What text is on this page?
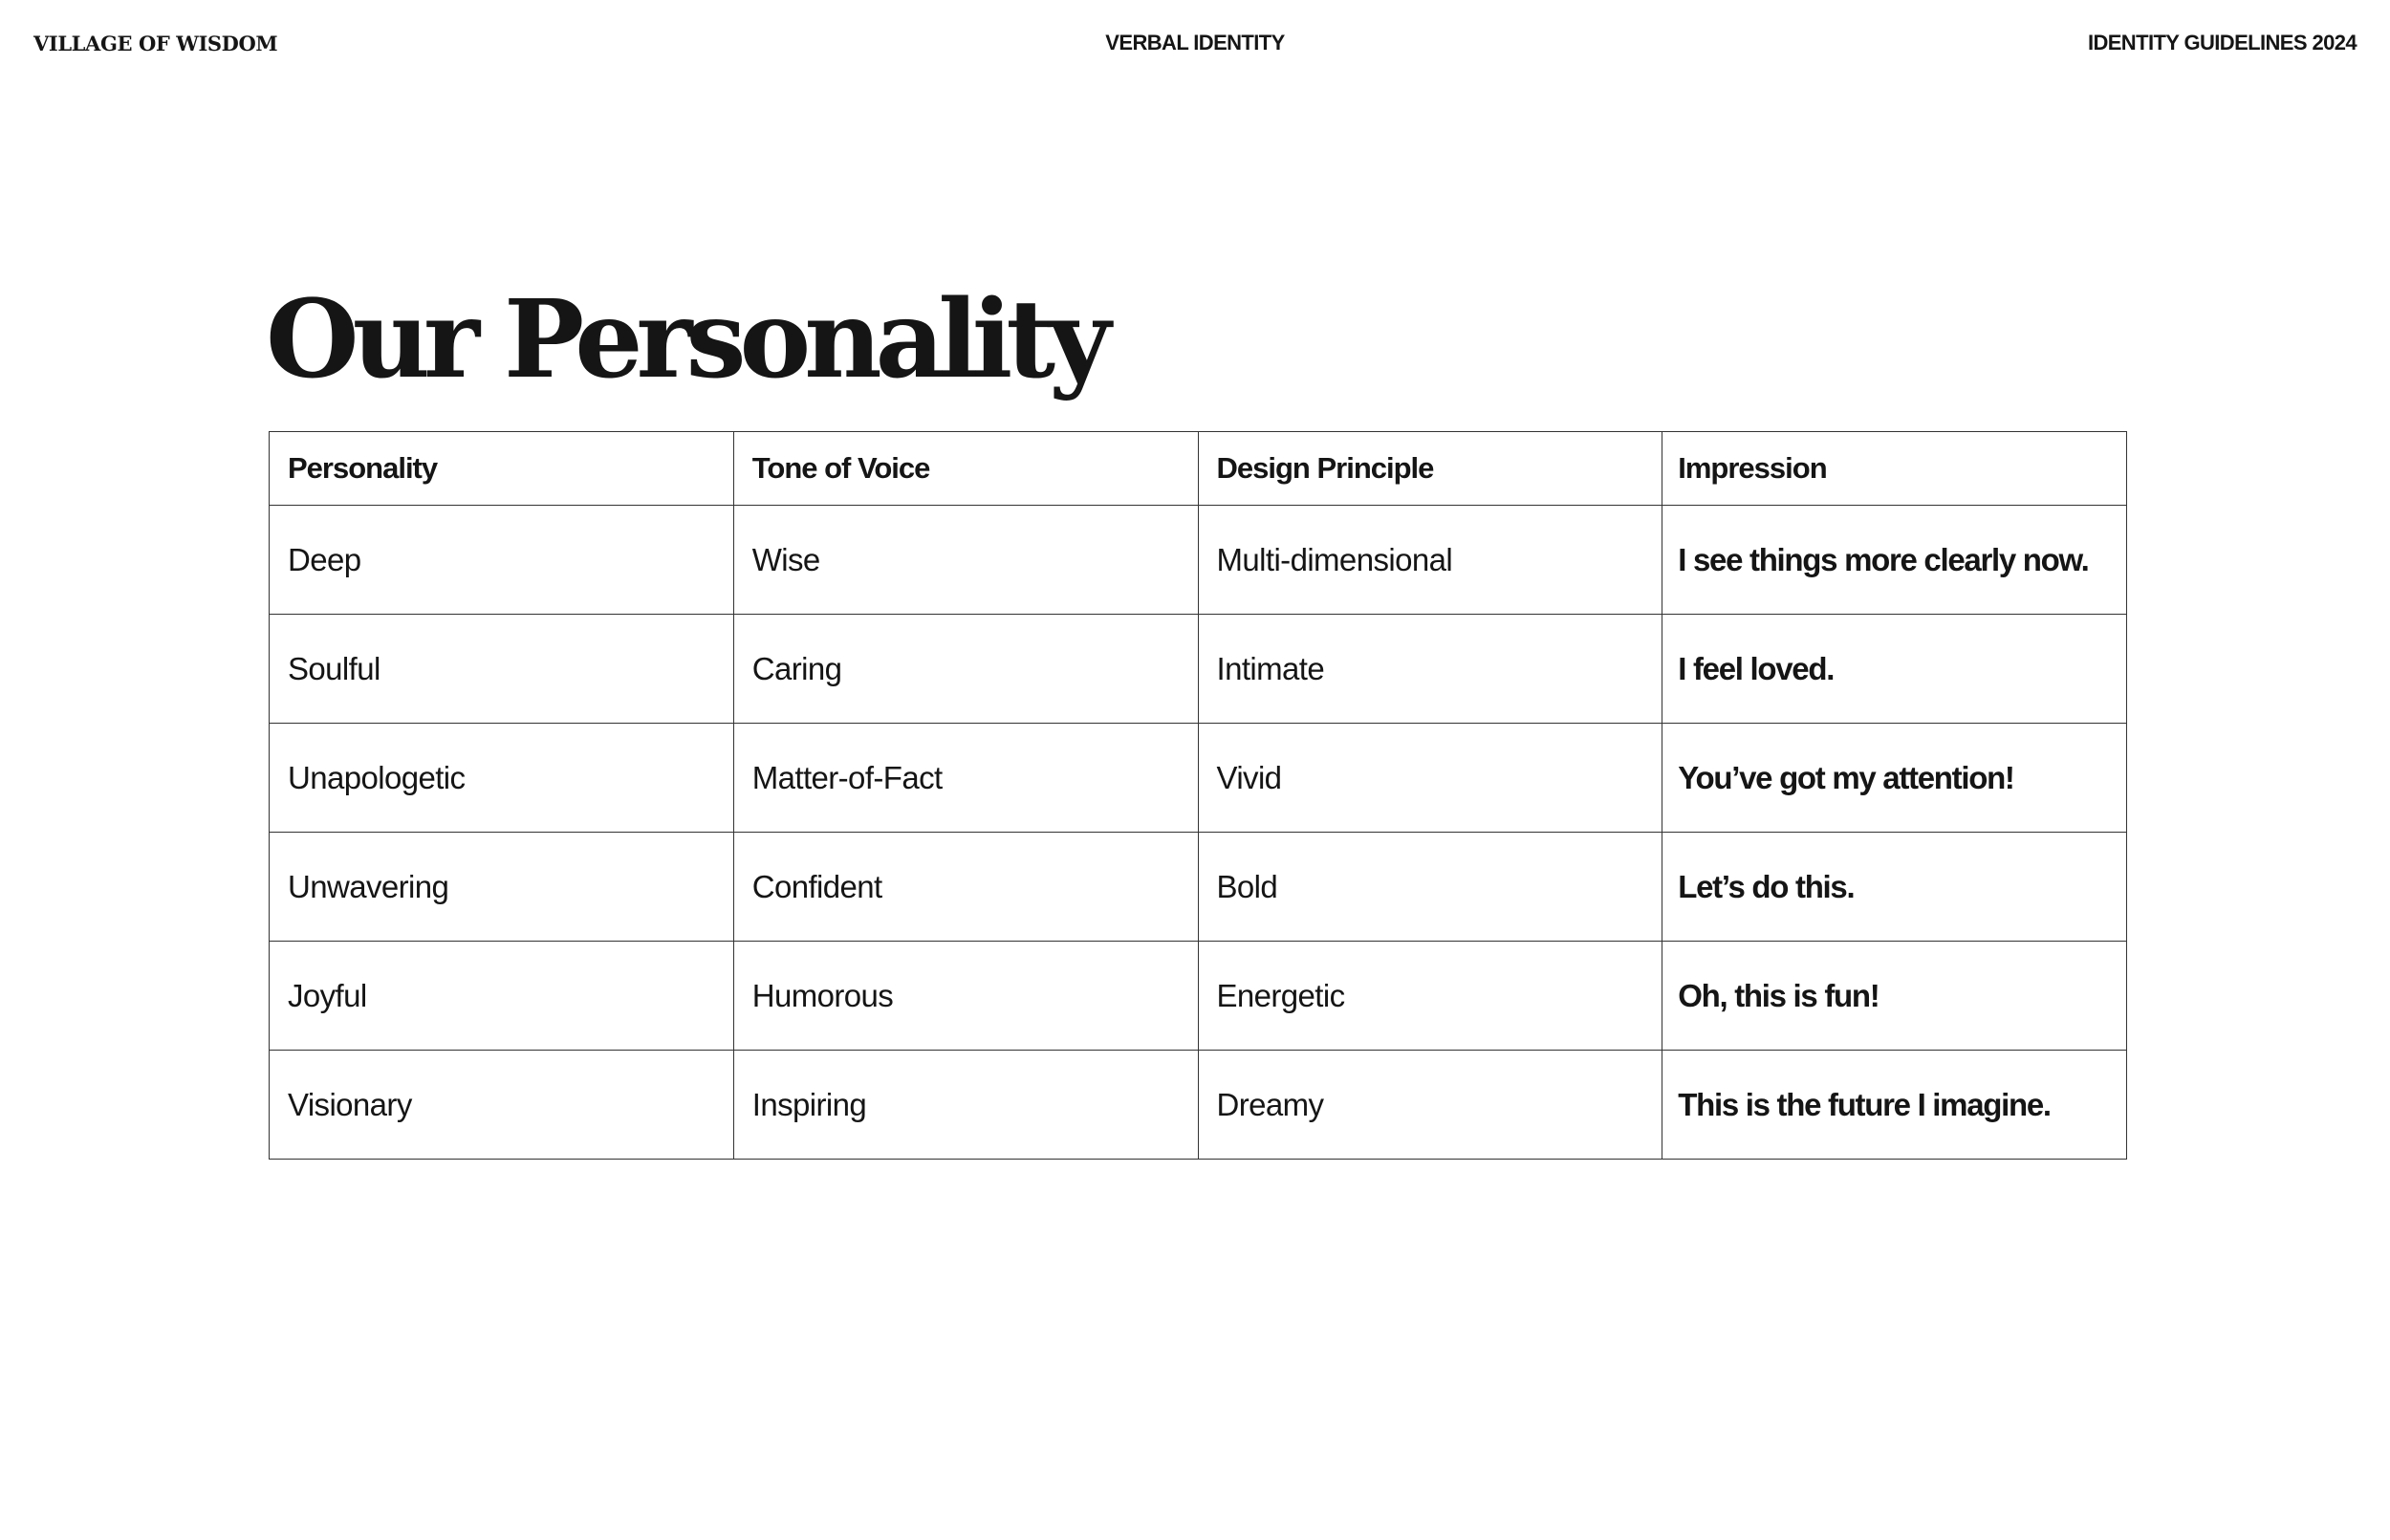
VILLAGE OF WISDOM	VERBAL IDENTITY	IDENTITY GUIDELINES 2024
Our Personality
Personality	Tone of Voice	Design Principle	Impression
Deep	Wise	Multi-dimensional	I see things more clearly now.
Soulful	Caring	Intimate	I feel loved.
Unapologetic	Matter-of-Fact	Vivid	You’ve got my attention!
Unwavering	Confident	Bold	Let’s do this.
Joyful	Humorous	Energetic	Oh, this is fun!
Visionary	Inspiring	Dreamy	This is the future I imagine.
